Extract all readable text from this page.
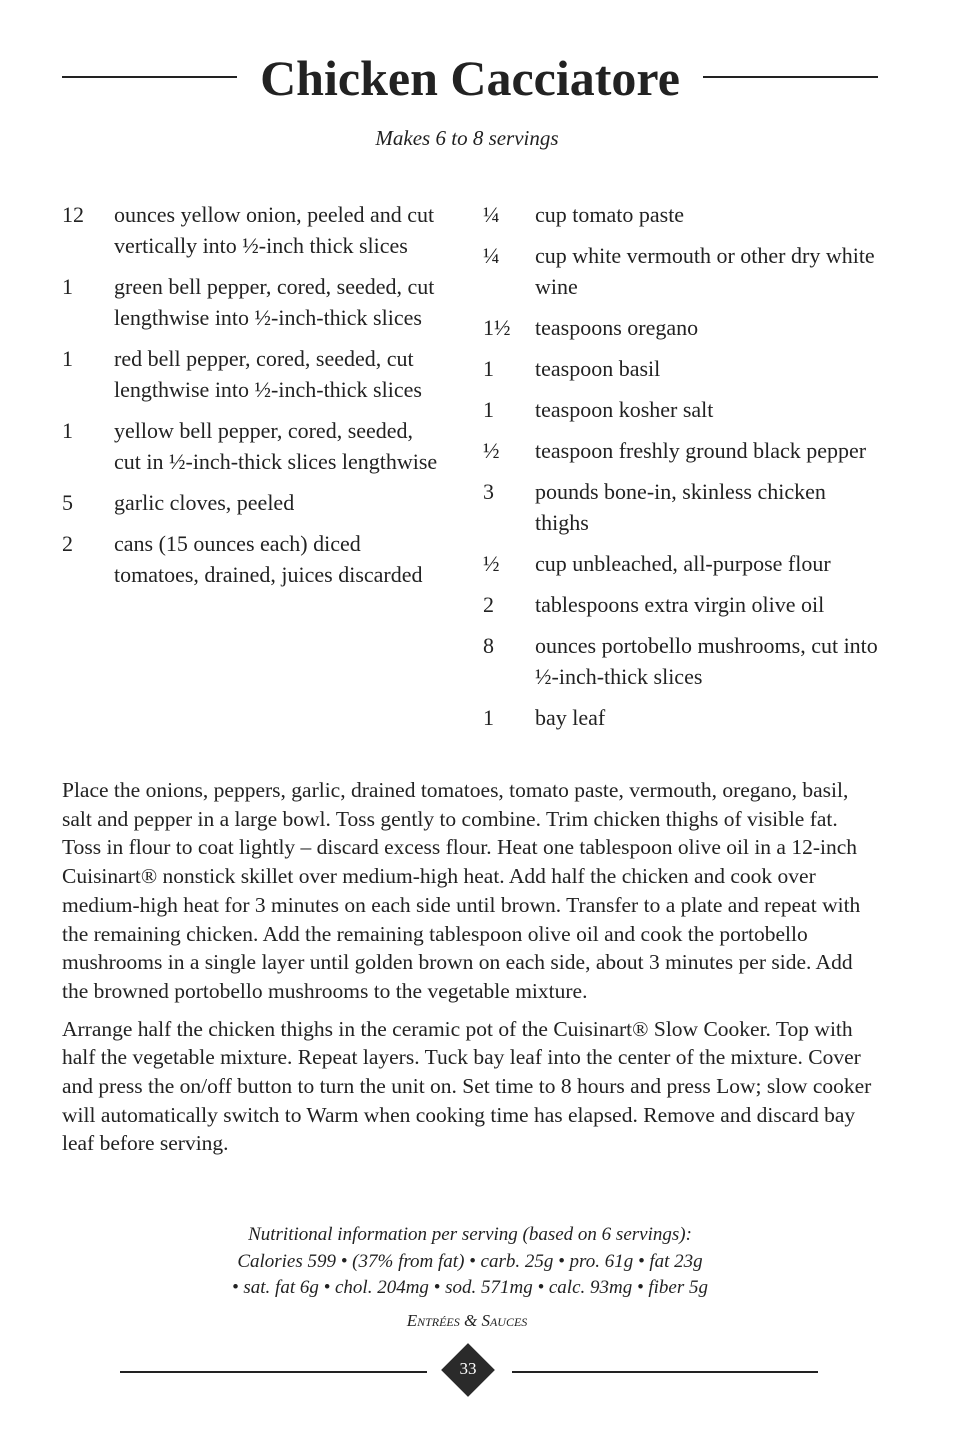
Chicken Cacciatore
Makes 6 to 8 servings
12	ounces yellow onion, peeled and cut vertically into ½-inch thick slices
1	green bell pepper, cored, seeded, cut lengthwise into ½-inch-thick slices
1	red bell pepper, cored, seeded, cut lengthwise into ½-inch-thick slices
1	yellow bell pepper, cored, seeded, cut in ½-inch-thick slices lengthwise
5	garlic cloves, peeled
2	cans (15 ounces each) diced tomatoes, drained, juices discarded
¼	cup tomato paste
¼	cup white vermouth or other dry white wine
1½	teaspoons oregano
1	teaspoon basil
1	teaspoon kosher salt
½	teaspoon freshly ground black pepper
3	pounds bone-in, skinless chicken thighs
½	cup unbleached, all-purpose flour
2	tablespoons extra virgin olive oil
8	ounces portobello mushrooms, cut into ½-inch-thick slices
1	bay leaf

Place the onions, peppers, garlic, drained tomatoes, tomato paste, vermouth, oregano, basil, salt and pepper in a large bowl. Toss gently to combine. Trim chicken thighs of visible fat. Toss in flour to coat lightly – discard excess flour. Heat one tablespoon olive oil in a 12-inch Cuisinart® nonstick skillet over medium-high heat. Add half the chicken and cook over medium-high heat for 3 minutes on each side until brown. Transfer to a plate and repeat with the remaining chicken. Add the remaining tablespoon olive oil and cook the portobello mushrooms in a single layer until golden brown on each side, about 3 minutes per side. Add the browned portobello mushrooms to the vegetable mixture.

Arrange half the chicken thighs in the ceramic pot of the Cuisinart® Slow Cooker. Top with half the vegetable mixture. Repeat layers. Tuck bay leaf into the center of the mixture. Cover and press the on/off button to turn the unit on. Set time to 8 hours and press Low; slow cooker will automatically switch to Warm when cooking time has elapsed. Remove and discard bay leaf before serving.

Nutritional information per serving (based on 6 servings):
Calories 599 • (37% from fat) • carb. 25g • pro. 61g • fat 23g
• sat. fat 6g • chol. 204mg • sod. 571mg • calc. 93mg • fiber 5g
Entrées & Sauces
33
